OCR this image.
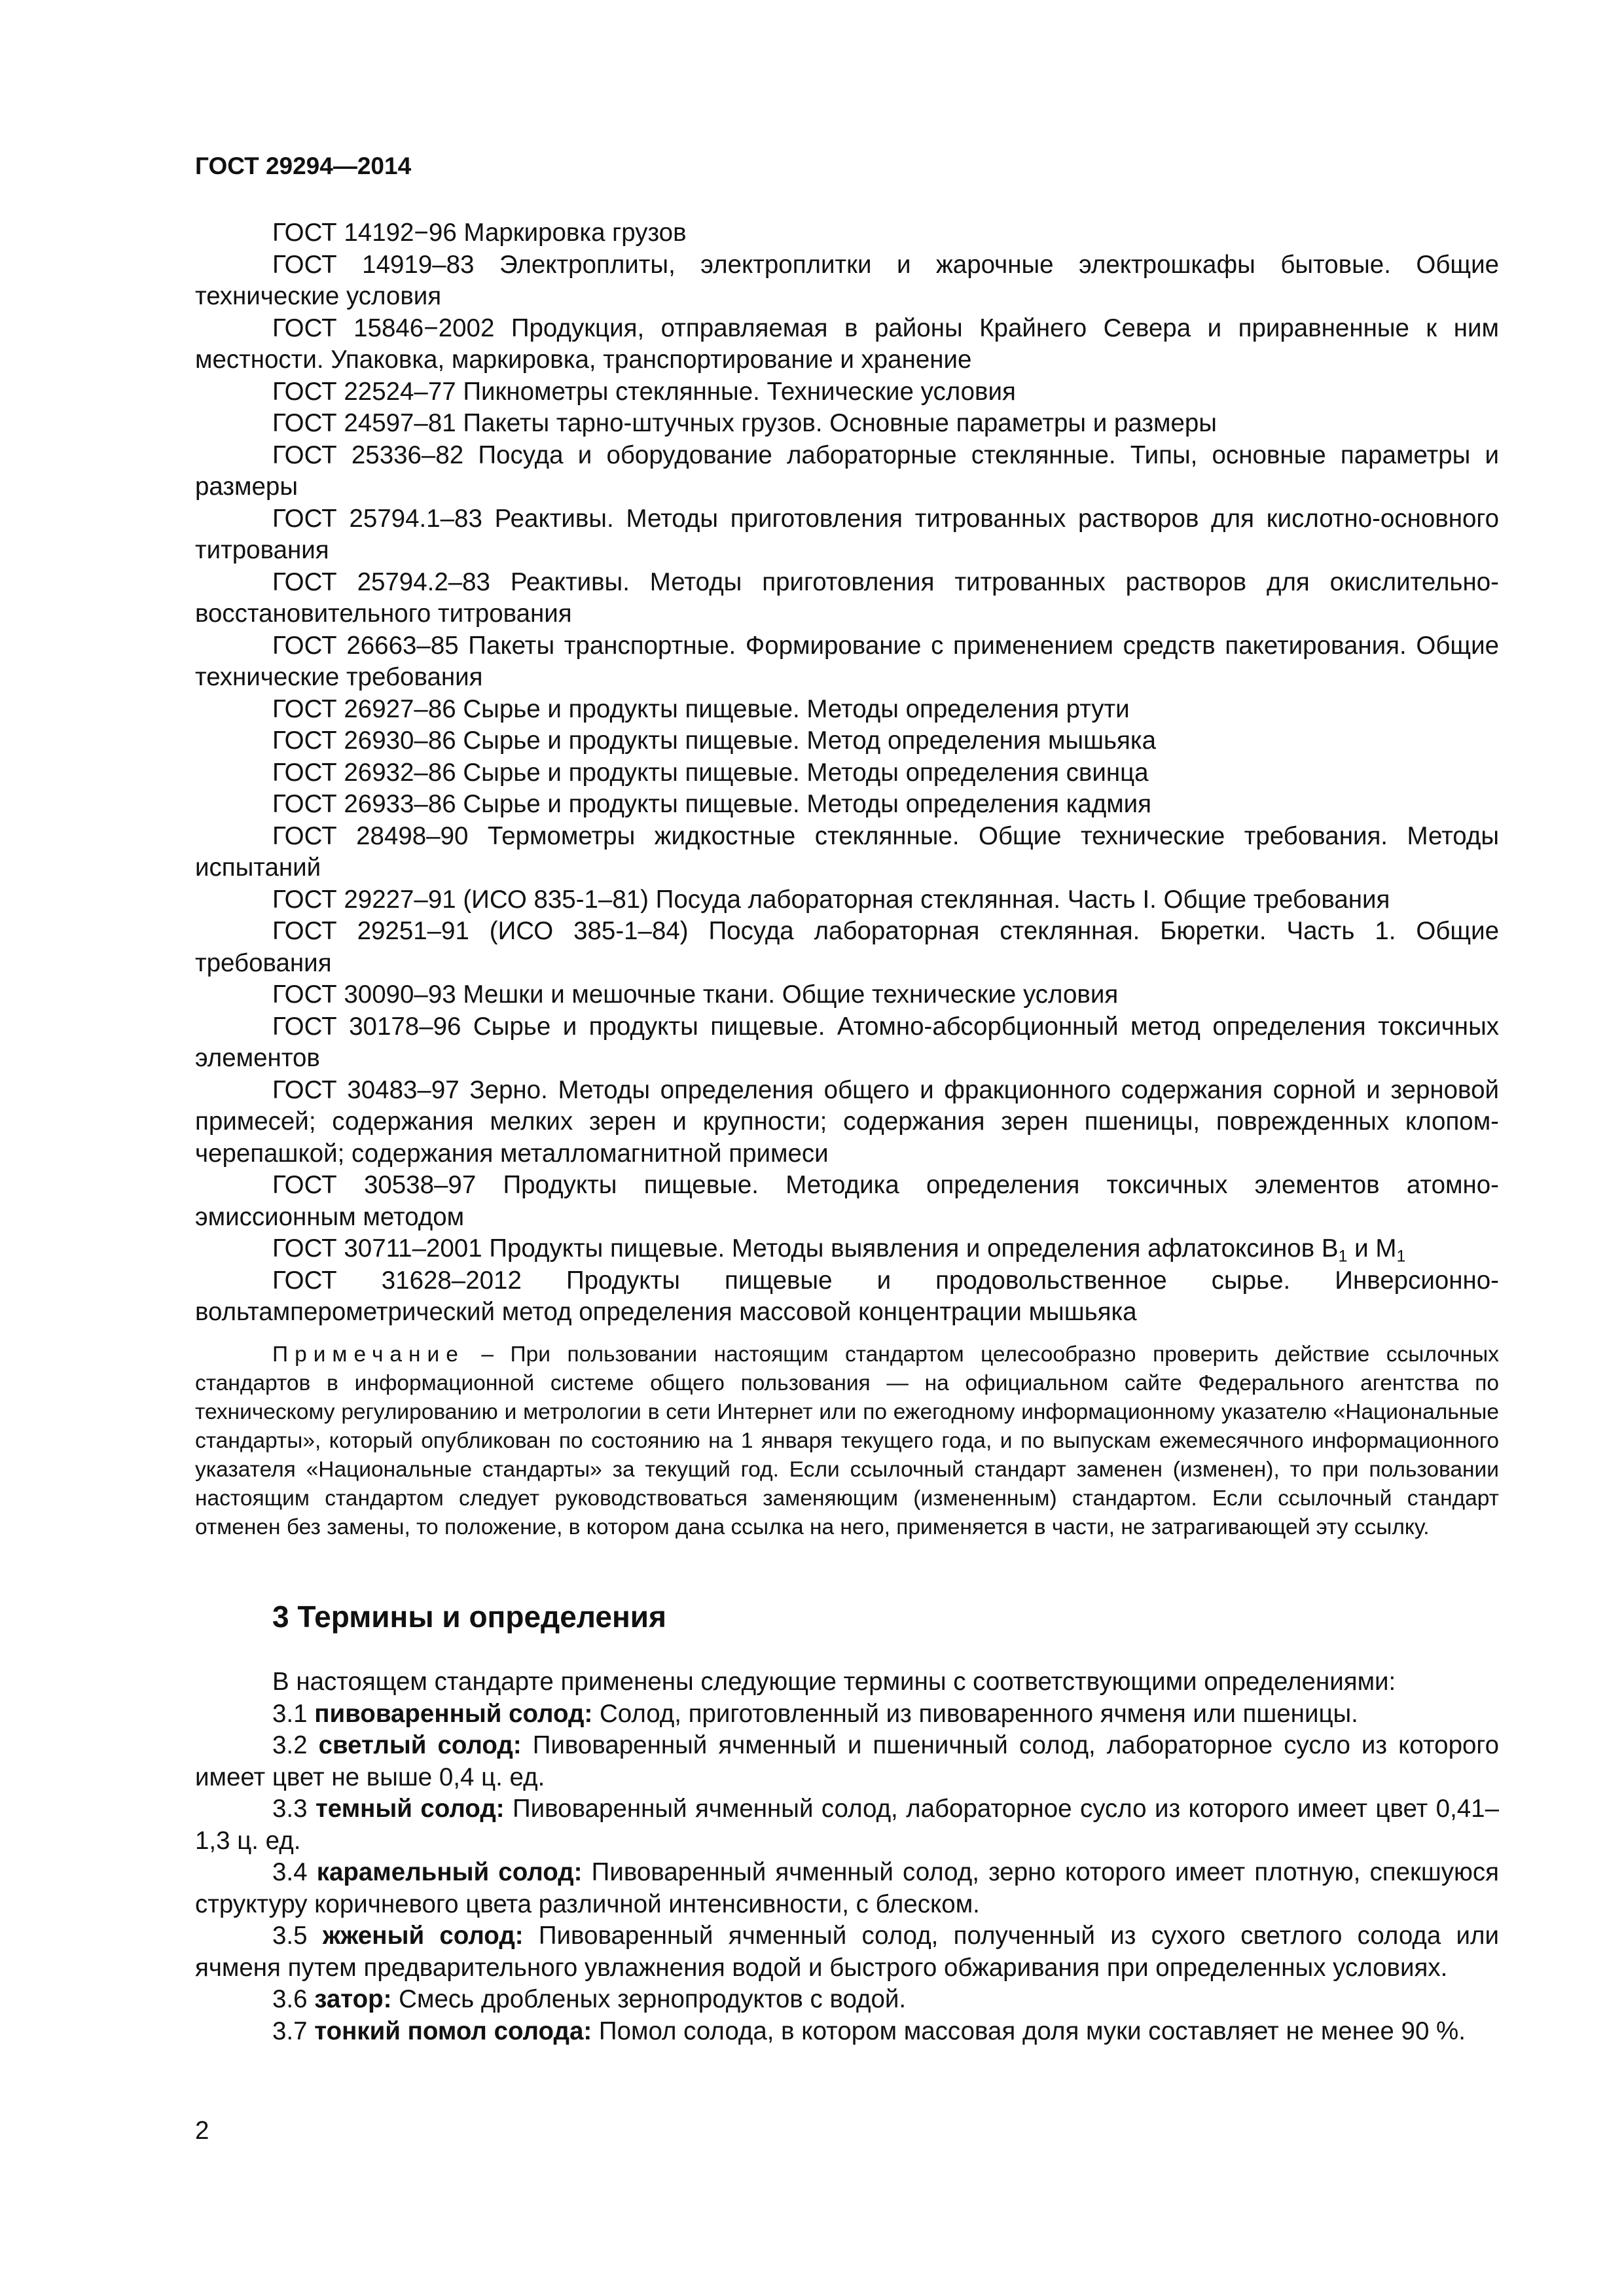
ГОСТ 29294—2014

ГОСТ 14192−96 Маркировка грузов

ГОСТ 14919–83 Электроплиты, электроплитки и жарочные электрошкафы бытовые. Общие технические условия

ГОСТ 15846−2002 Продукция, отправляемая в районы Крайнего Севера и приравненные к ним местности. Упаковка, маркировка, транспортирование и хранение

ГОСТ 22524–77 Пикнометры стеклянные. Технические условия

ГОСТ 24597–81 Пакеты тарно-штучных грузов. Основные параметры и размеры

ГОСТ 25336–82 Посуда и оборудование лабораторные стеклянные. Типы, основные параметры и размеры

ГОСТ 25794.1–83 Реактивы. Методы приготовления титрованных растворов для кислотно-основного титрования

ГОСТ 25794.2–83 Реактивы. Методы приготовления титрованных растворов для окислительно-восстановительного титрования

ГОСТ 26663–85 Пакеты транспортные. Формирование с применением средств пакетирования. Общие технические требования

ГОСТ 26927–86 Сырье и продукты пищевые. Методы определения ртути

ГОСТ 26930–86 Сырье и продукты пищевые. Метод определения мышьяка

ГОСТ 26932–86 Сырье и продукты пищевые. Методы определения свинца

ГОСТ 26933–86 Сырье и продукты пищевые. Методы определения кадмия

ГОСТ 28498–90 Термометры жидкостные стеклянные. Общие технические требования. Методы испытаний

ГОСТ 29227–91 (ИСО 835-1–81) Посуда лабораторная стеклянная. Часть I. Общие требования

ГОСТ 29251–91 (ИСО 385-1–84) Посуда лабораторная стеклянная. Бюретки. Часть 1. Общие требования

ГОСТ 30090–93 Мешки и мешочные ткани. Общие технические условия

ГОСТ 30178–96 Сырье и продукты пищевые. Атомно-абсорбционный метод определения токсичных элементов

ГОСТ 30483–97 Зерно. Методы определения общего и фракционного содержания сорной и зерновой примесей; содержания мелких зерен и крупности; содержания зерен пшеницы, поврежденных клопом-черепашкой; содержания металломагнитной примеси

ГОСТ 30538–97 Продукты пищевые. Методика определения токсичных элементов атомно-эмиссионным методом

ГОСТ 30711–2001 Продукты пищевые. Методы выявления и определения афлатоксинов $В_1$ и $М_1$

ГОСТ 31628–2012 Продукты пищевые и продовольственное сырье. Инверсионно-вольтамперометрический метод определения массовой концентрации мышьяка

Примечание – При пользовании настоящим стандартом целесообразно проверить действие ссылочных стандартов в информационной системе общего пользования — на официальном сайте Федерального агентства по техническому регулированию и метрологии в сети Интернет или по ежегодному информационному указателю «Национальные стандарты», который опубликован по состоянию на 1 января текущего года, и по выпускам ежемесячного информационного указателя «Национальные стандарты» за текущий год. Если ссылочный стандарт заменен (изменен), то при пользовании настоящим стандартом следует руководствоваться заменяющим (измененным) стандартом. Если ссылочный стандарт отменен без замены, то положение, в котором дана ссылка на него, применяется в части, не затрагивающей эту ссылку.

3 Термины и определения

В настоящем стандарте применены следующие термины с соответствующими определениями:

3.1 пивоваренный солод: Солод, приготовленный из пивоваренного ячменя или пшеницы.

3.2 светлый солод: Пивоваренный ячменный и пшеничный солод, лабораторное сусло из которого имеет цвет не выше 0,4 ц. ед.

3.3 темный солод: Пивоваренный ячменный солод, лабораторное сусло из которого имеет цвет 0,41–1,3 ц. ед.

3.4 карамельный солод: Пивоваренный ячменный солод, зерно которого имеет плотную, спекшуюся структуру коричневого цвета различной интенсивности, с блеском.

3.5 жженый солод: Пивоваренный ячменный солод, полученный из сухого светлого солода или ячменя путем предварительного увлажнения водой и быстрого обжаривания при определенных условиях.

3.6 затор: Смесь дробленых зернопродуктов с водой.

3.7 тонкий помол солода: Помол солода, в котором массовая доля муки составляет не менее 90 %.

2
